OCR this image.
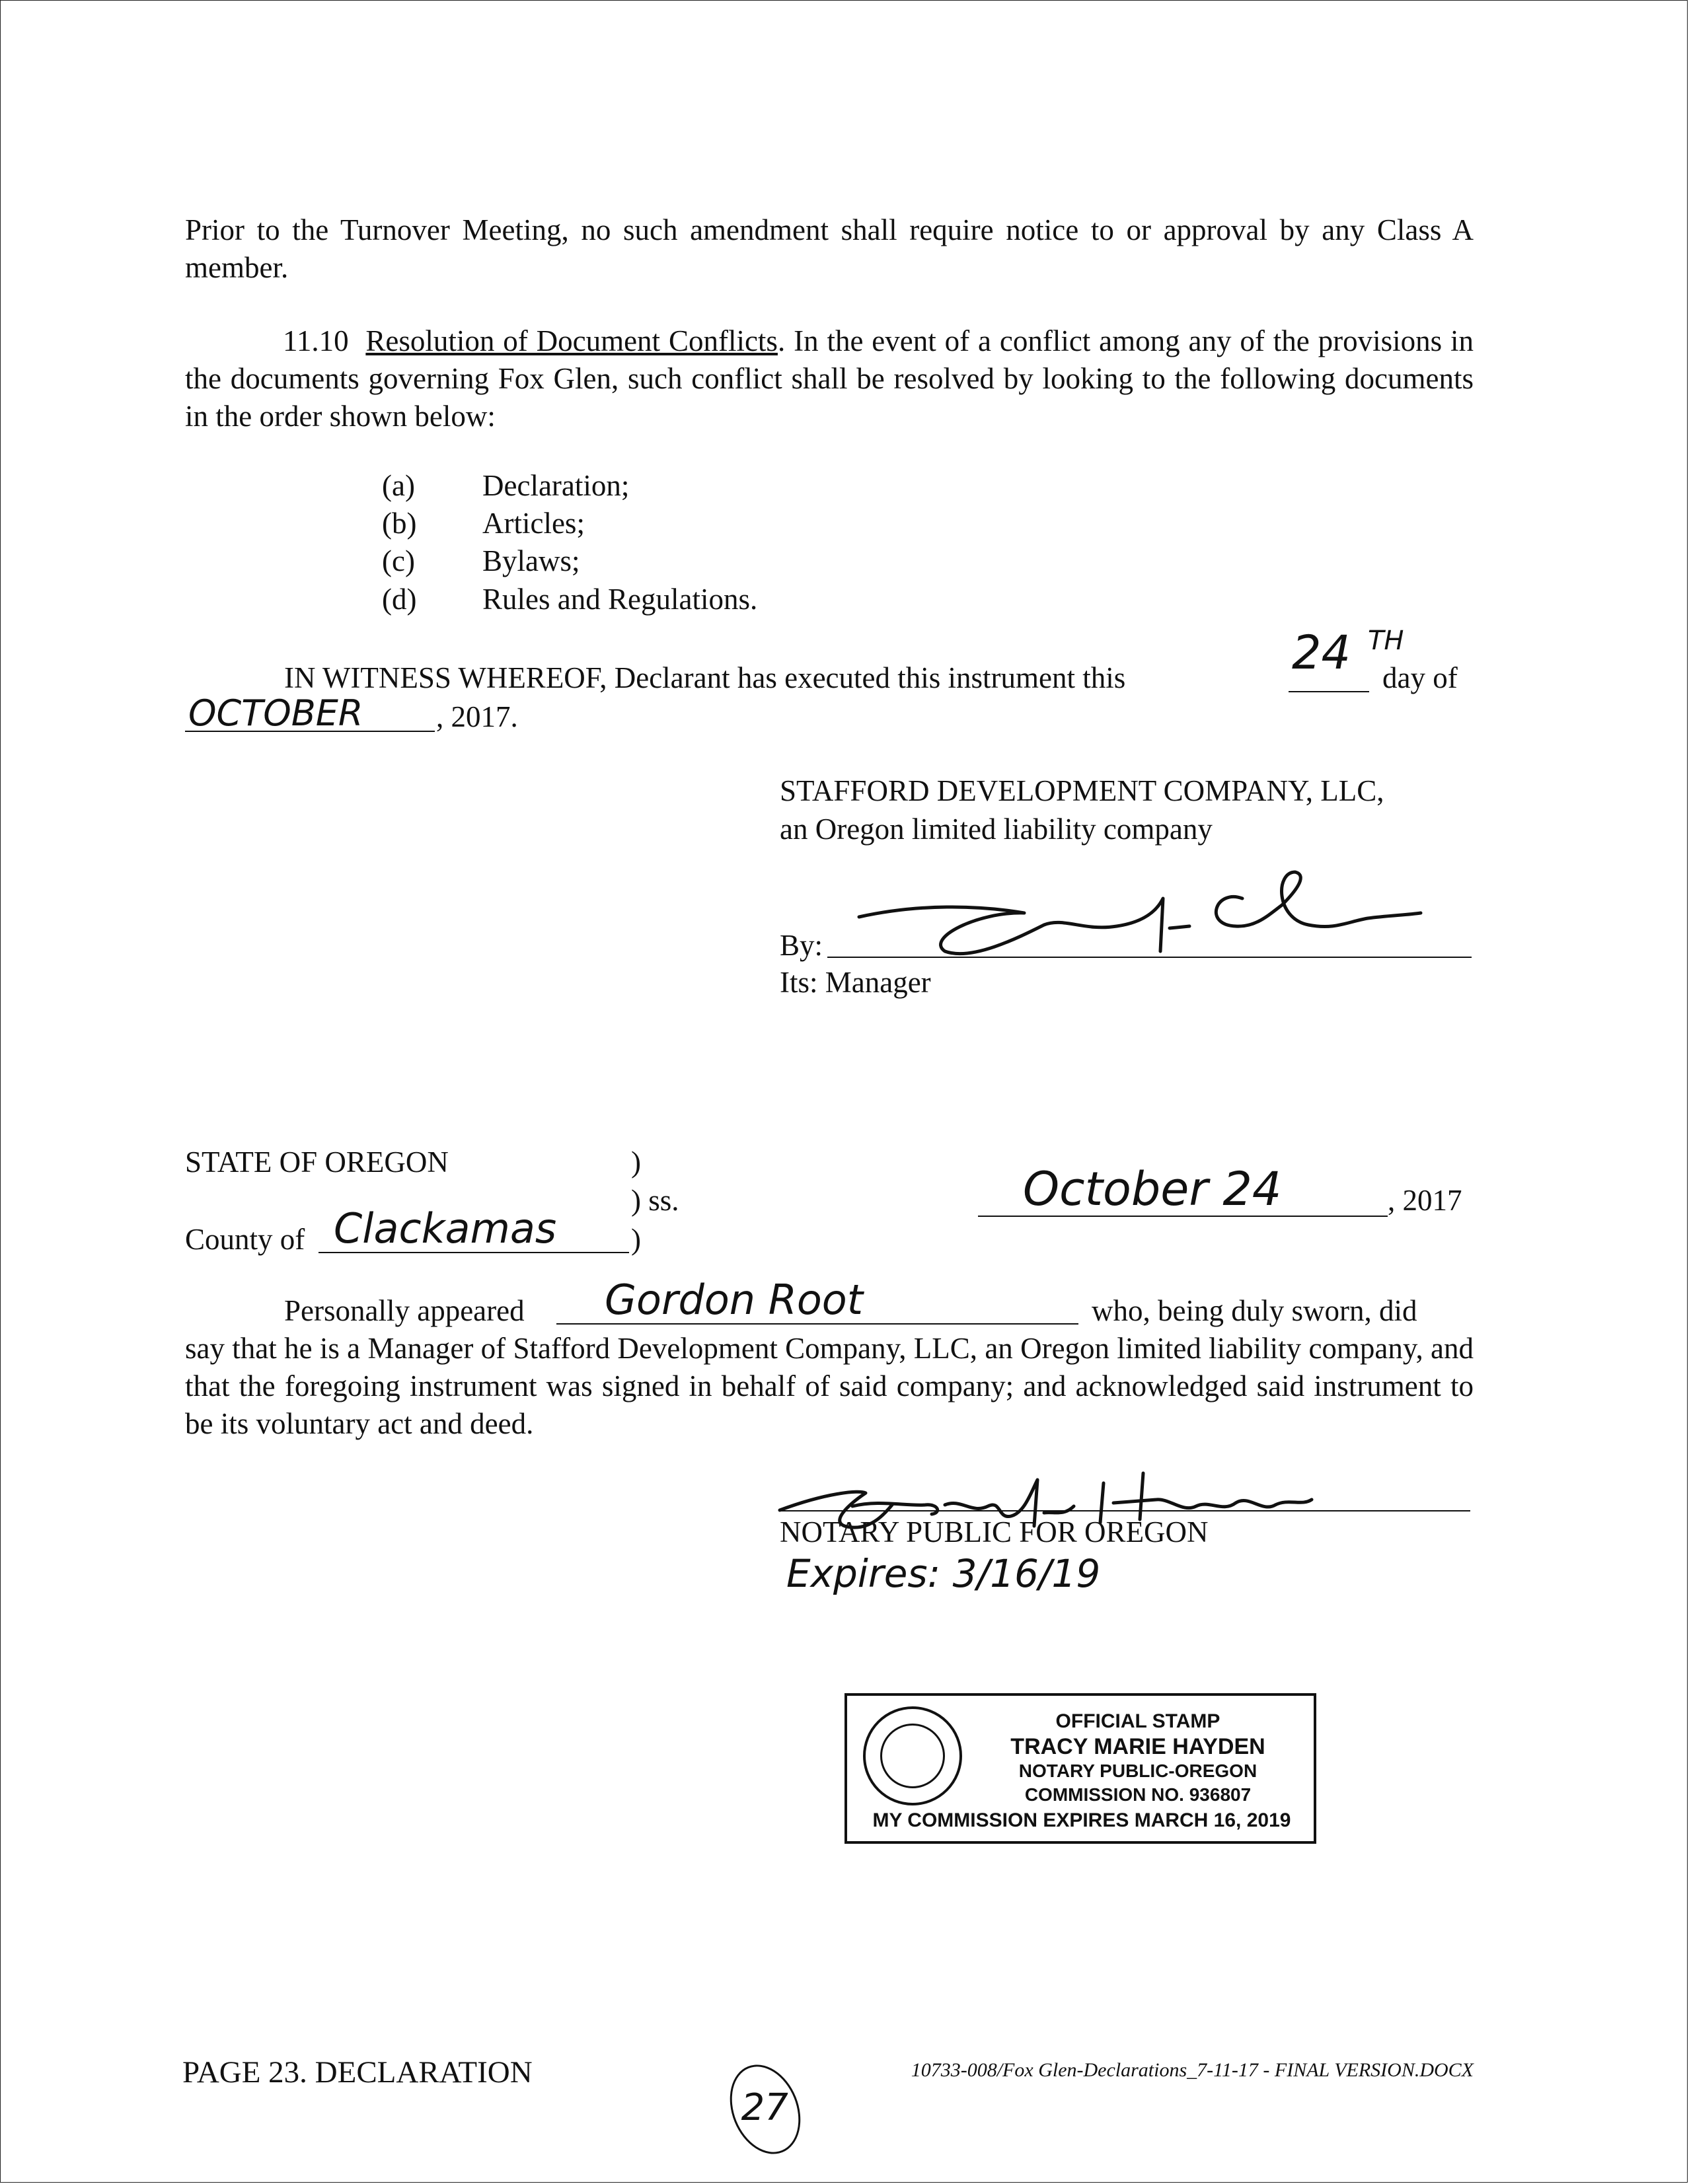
Prior to the Turnover Meeting, no such amendment shall require notice to or approval by any Class A member.
11.10 Resolution of Document Conflicts. In the event of a conflict among any of the provisions in the documents governing Fox Glen, such conflict shall be resolved by looking to the following documents in the order shown below:
(a) Declaration;
(b) Articles;
(c) Bylaws;
(d) Rules and Regulations.
IN WITNESS WHEREOF, Declarant has executed this instrument this	24 TH
day of
OCTOBER , 2017.
STAFFORD DEVELOPMENT COMPANY, LLC,
an Oregon limited liability company
By:
Its: Manager
STATE OF OREGON	)
) ss.
County of Clackamas	)
October 24	, 2017
Personally appeared Gordon Root	who, being duly sworn, did
say that he is a Manager of Stafford Development Company, LLC, an Oregon limited liability company, and that the foregoing instrument was signed in behalf of said company; and acknowledged said instrument to be its voluntary act and deed.
NOTARY PUBLIC FOR OREGON
Expires: 3/16/19
OFFICIAL STAMP
TRACY MARIE HAYDEN
NOTARY PUBLIC-OREGON
COMMISSION NO. 936807
MY COMMISSION EXPIRES MARCH 16, 2019
PAGE 23. DECLARATION	10733-008/Fox Glen-Declarations_7-11-17 - FINAL VERSION.DOCX
27
